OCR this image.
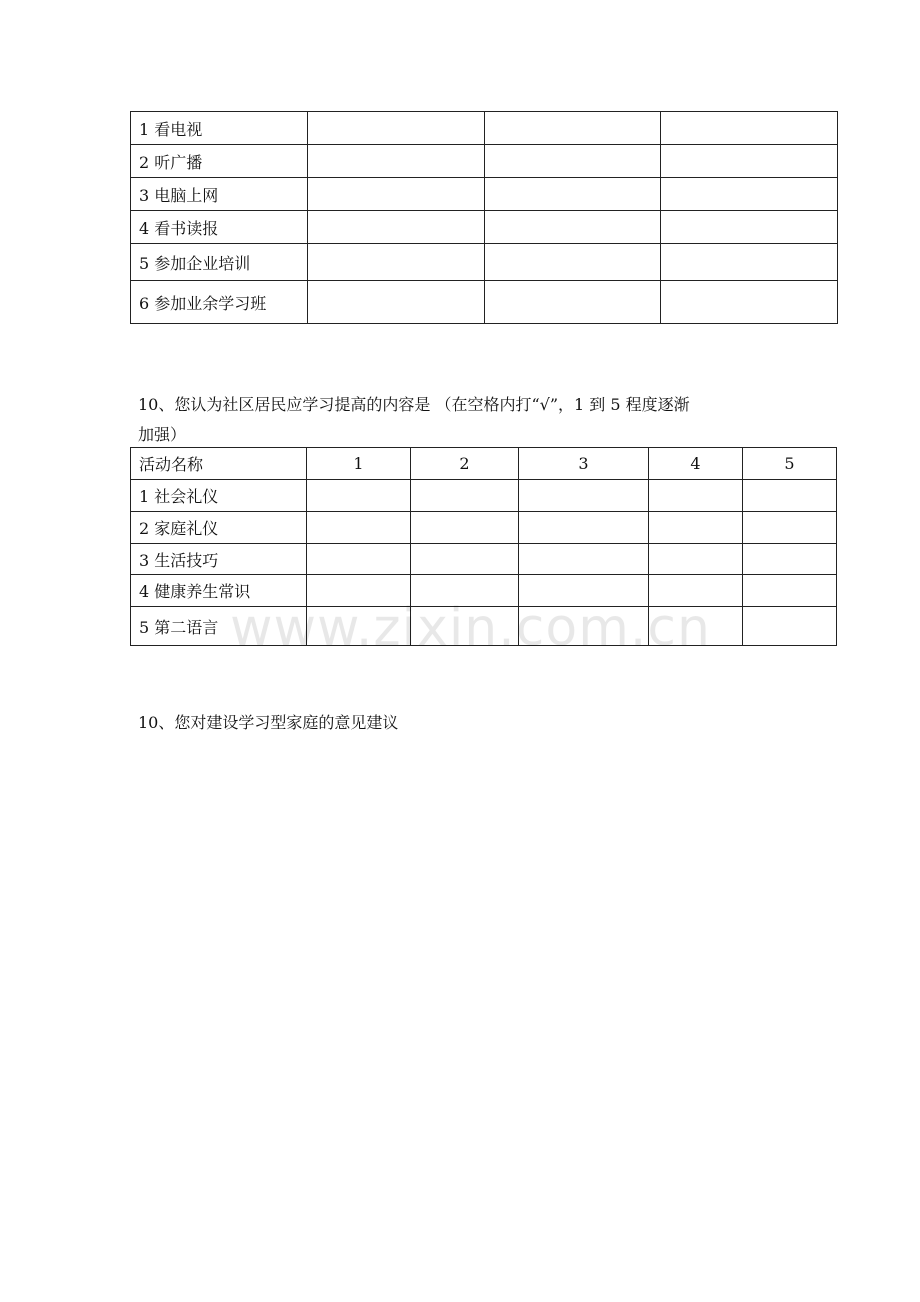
1 看电视			
2 听广播			
3 电脑上网			
4 看书读报			
5 参加企业培训			
6 参加业余学习班			
10、您认为社区居民应学习提高的内容是 （在空格内打“√”，1 到 5 程度逐渐
加强）
活动名称	1	2	3	4	5
1 社会礼仪					
2 家庭礼仪					
3 生活技巧					
4 健康养生常识					
5 第二语言					
10、您对建设学习型家庭的意见建议
www.zixin.com.cn
